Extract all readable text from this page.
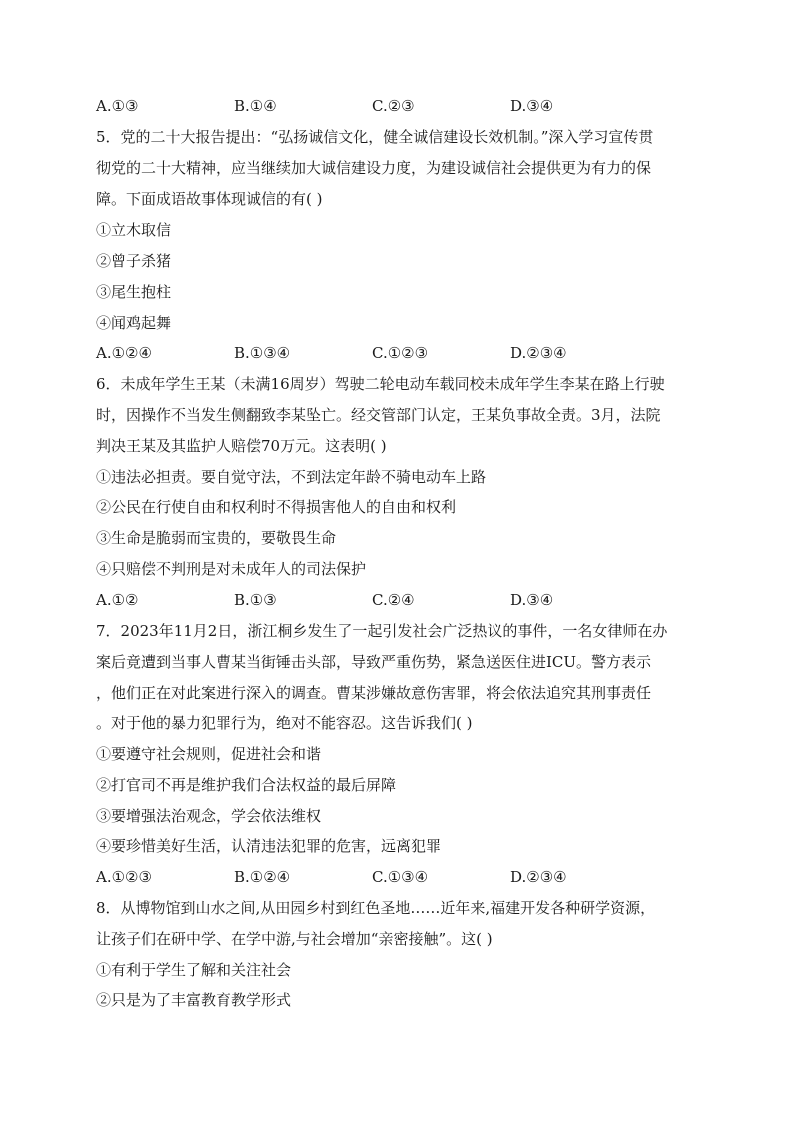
A.①③	B.①④	C.②③	D.③④
5．党的二十大报告提出：“弘扬诚信文化，健全诚信建设长效机制。”深入学习宣传贯
彻党的二十大精神，应当继续加大诚信建设力度，为建设诚信社会提供更为有力的保
障。下面成语故事体现诚信的有( )
①立木取信
②曾子杀猪
③尾生抱柱
④闻鸡起舞
A.①②④	B.①③④	C.①②③	D.②③④
6．未成年学生王某（未满16周岁）驾驶二轮电动车载同校未成年学生李某在路上行驶
时，因操作不当发生侧翻致李某坠亡。经交管部门认定，王某负事故全责。3月，法院
判决王某及其监护人赔偿70万元。这表明( )
①违法必担责。要自觉守法，不到法定年龄不骑电动车上路
②公民在行使自由和权利时不得损害他人的自由和权利
③生命是脆弱而宝贵的，要敬畏生命
④只赔偿不判刑是对未成年人的司法保护
A.①②	B.①③	C.②④	D.③④
7．2023年11月2日，浙江桐乡发生了一起引发社会广泛热议的事件，一名女律师在办
案后竟遭到当事人曹某当街锤击头部，导致严重伤势，紧急送医住进ICU。警方表示
，他们正在对此案进行深入的调查。曹某涉嫌故意伤害罪，将会依法追究其刑事责任
。对于他的暴力犯罪行为，绝对不能容忍。这告诉我们( )
①要遵守社会规则，促进社会和谐
②打官司不再是维护我们合法权益的最后屏障
③要增强法治观念，学会依法维权
④要珍惜美好生活，认清违法犯罪的危害，远离犯罪
A.①②③	B.①②④	C.①③④	D.②③④
8．从博物馆到山水之间,从田园乡村到红色圣地……近年来,福建开发各种研学资源，
让孩子们在研中学、在学中游,与社会增加“亲密接触”。这( )
①有利于学生了解和关注社会
②只是为了丰富教育教学形式
